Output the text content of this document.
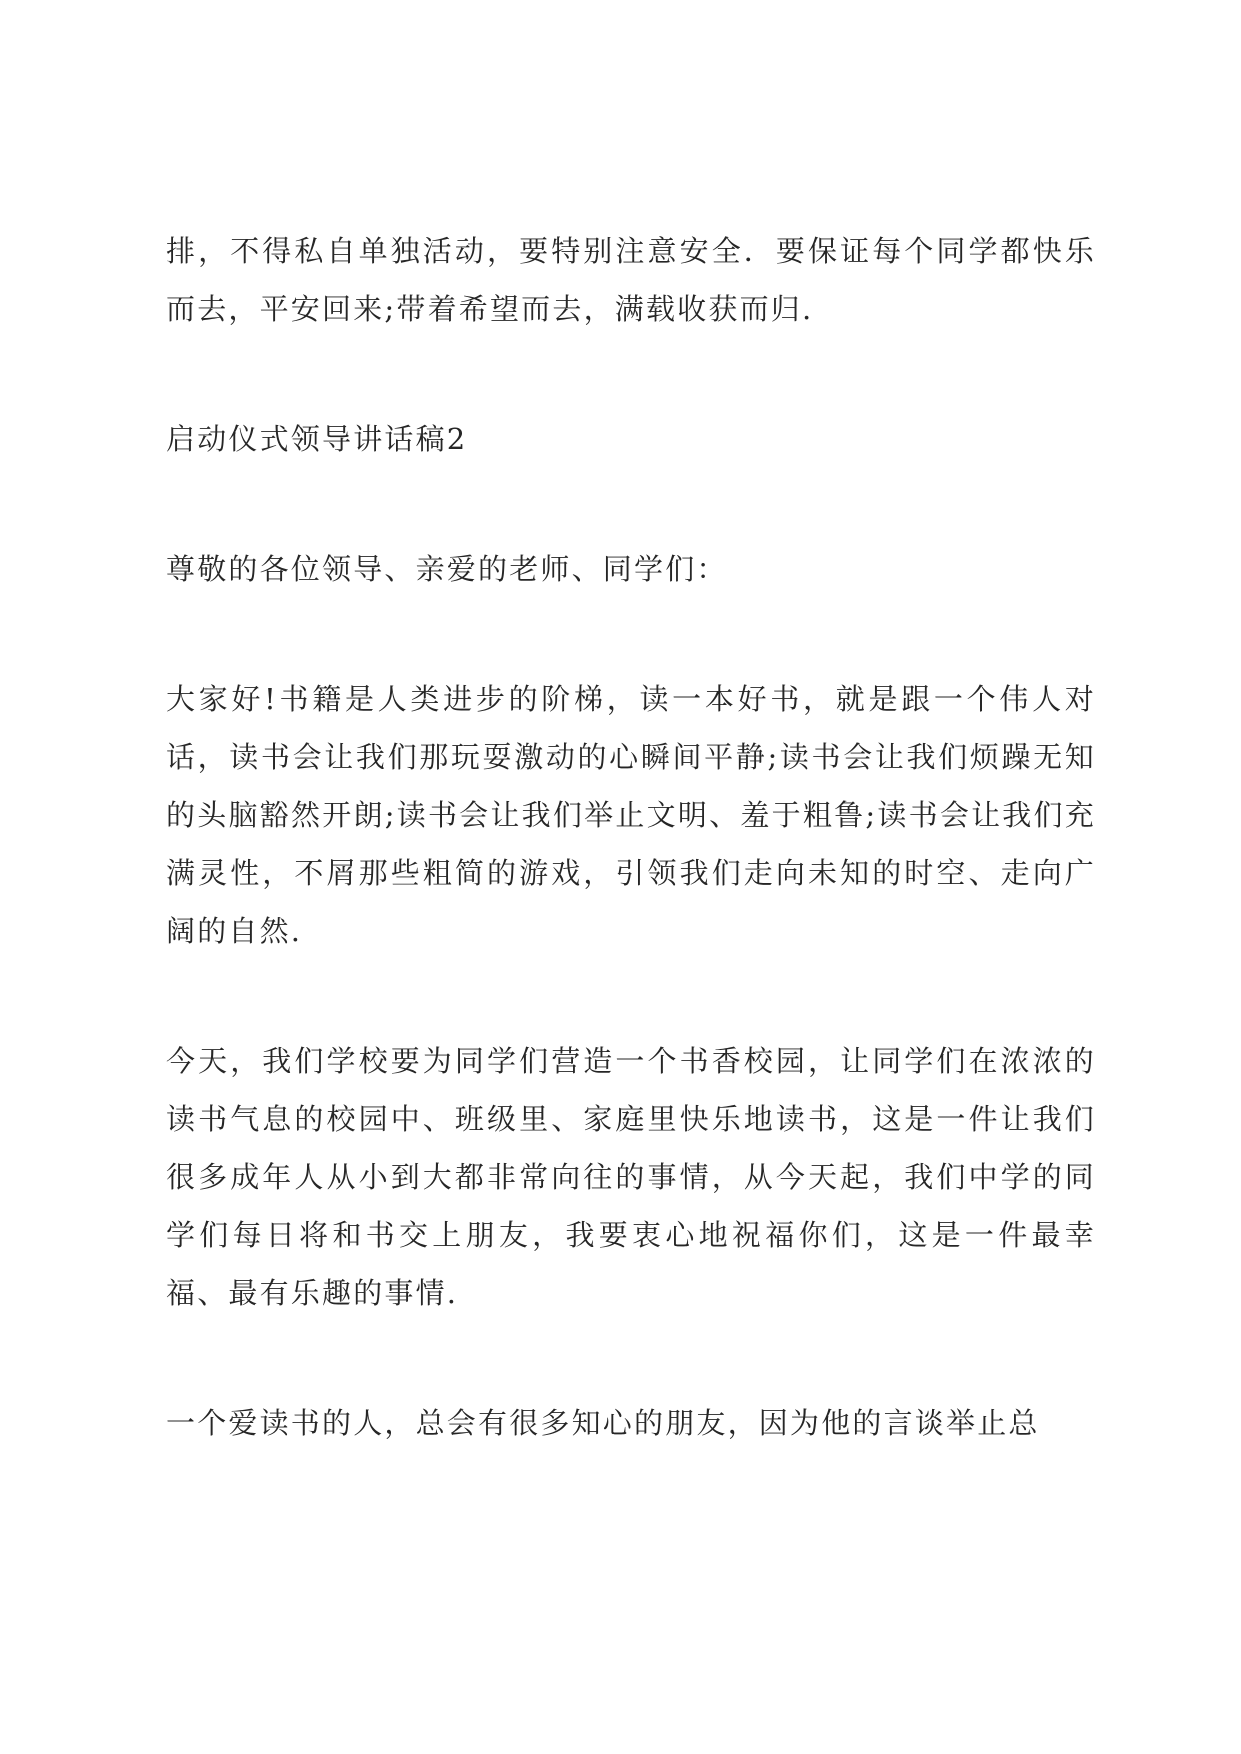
排，不得私自单独活动，要特别注意安全．要保证每个同学都快乐而去，平安回来;带着希望而去，满载收获而归.

启动仪式领导讲话稿2

尊敬的各位领导、亲爱的老师、同学们：

大家好!书籍是人类进步的阶梯，读一本好书，就是跟一个伟人对话，读书会让我们那玩耍激动的心瞬间平静;读书会让我们烦躁无知的头脑豁然开朗;读书会让我们举止文明、羞于粗鲁;读书会让我们充满灵性，不屑那些粗简的游戏，引领我们走向未知的时空、走向广阔的自然.

今天，我们学校要为同学们营造一个书香校园，让同学们在浓浓的读书气息的校园中、班级里、家庭里快乐地读书，这是一件让我们很多成年人从小到大都非常向往的事情，从今天起，我们中学的同学们每日将和书交上朋友，我要衷心地祝福你们，这是一件最幸福、最有乐趣的事情.

一个爱读书的人，总会有很多知心的朋友，因为他的言谈举止总
